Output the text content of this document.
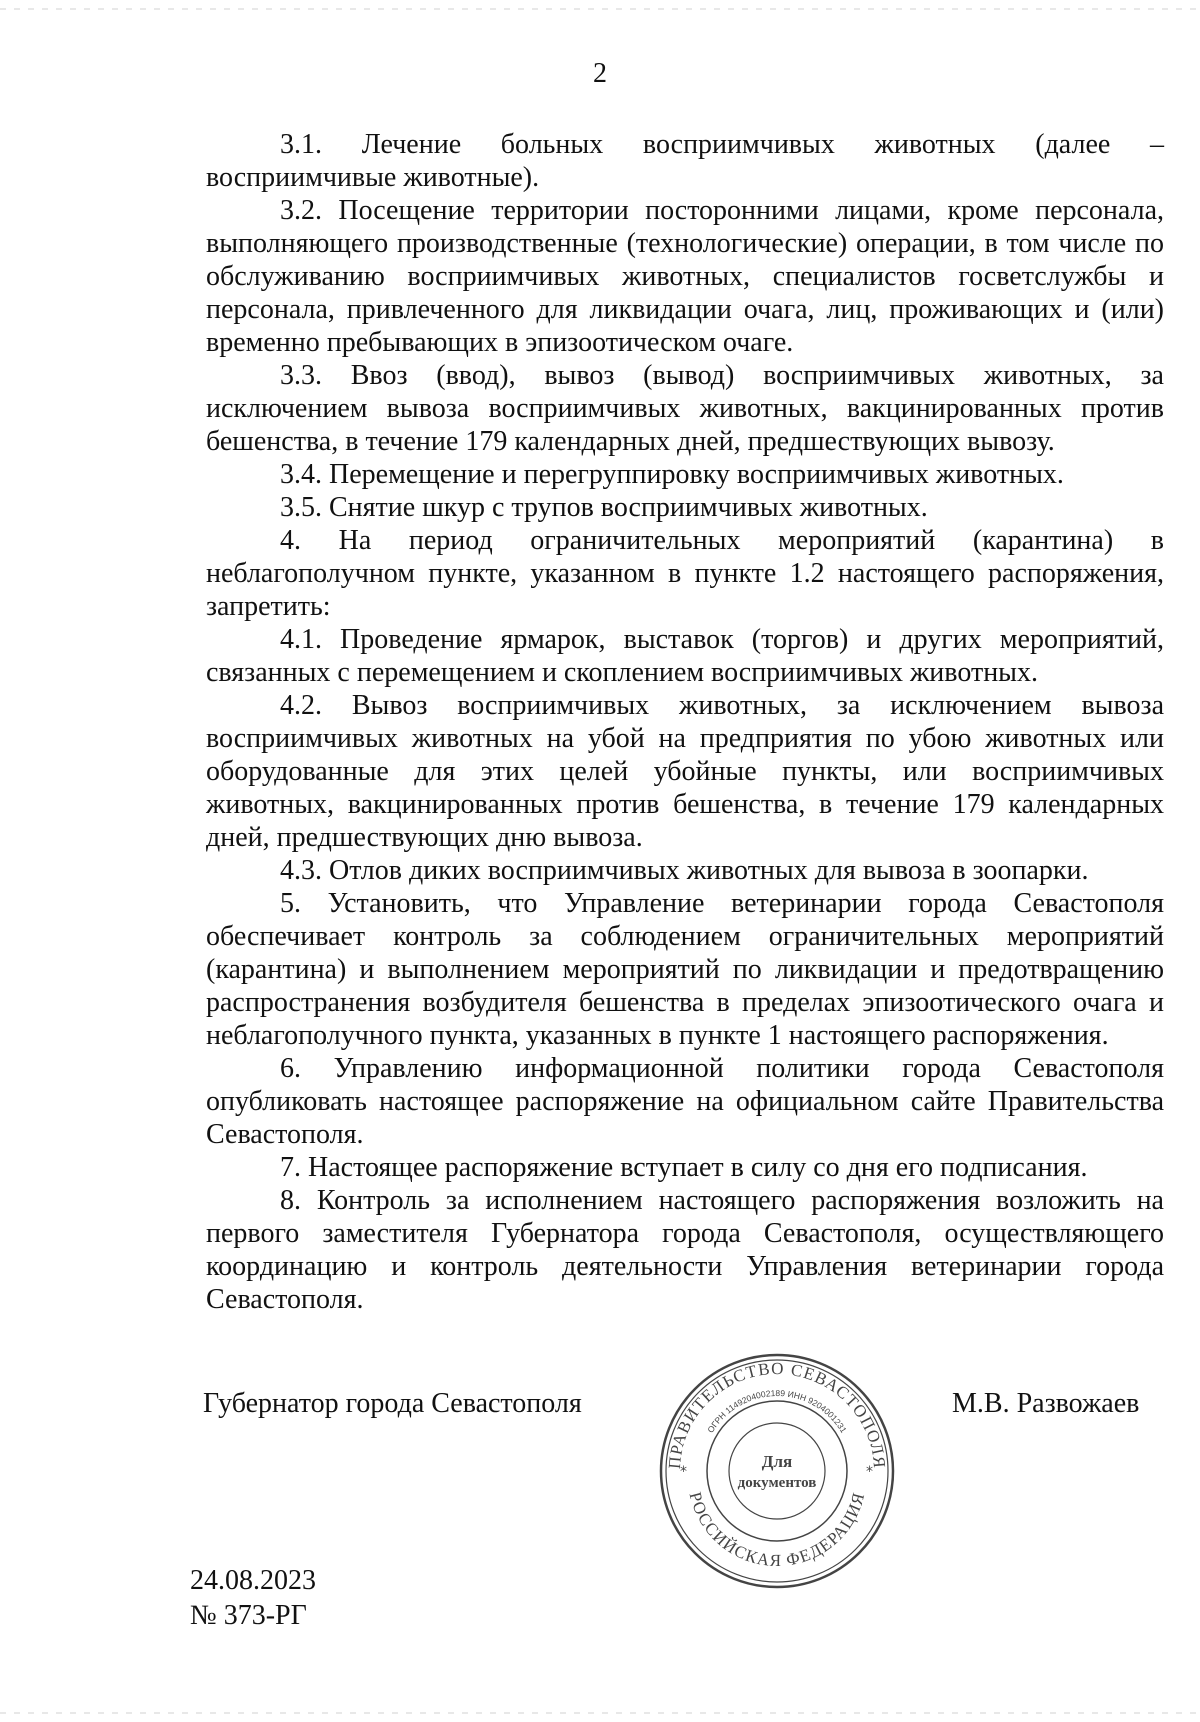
2

3.1. Лечение больных восприимчивых животных (далее – восприимчивые животные).

3.2. Посещение территории посторонними лицами, кроме персонала, выполняющего производственные (технологические) операции, в том числе по обслуживанию восприимчивых животных, специалистов госветслужбы и персонала, привлеченного для ликвидации очага, лиц, проживающих и (или) временно пребывающих в эпизоотическом очаге.

3.3. Ввоз (ввод), вывоз (вывод) восприимчивых животных, за исключением вывоза восприимчивых животных, вакцинированных против бешенства, в течение 179 календарных дней, предшествующих вывозу.

3.4. Перемещение и перегруппировку восприимчивых животных.

3.5. Снятие шкур с трупов восприимчивых животных.

4. На период ограничительных мероприятий (карантина) в неблагополучном пункте, указанном в пункте 1.2 настоящего распоряжения, запретить:

4.1. Проведение ярмарок, выставок (торгов) и других мероприятий, связанных с перемещением и скоплением восприимчивых животных.

4.2. Вывоз восприимчивых животных, за исключением вывоза восприимчивых животных на убой на предприятия по убою животных или оборудованные для этих целей убойные пункты, или восприимчивых животных, вакцинированных против бешенства, в течение 179 календарных дней, предшествующих дню вывоза.

4.3. Отлов диких восприимчивых животных для вывоза в зоопарки.

5. Установить, что Управление ветеринарии города Севастополя обеспечивает контроль за соблюдением ограничительных мероприятий (карантина) и выполнением мероприятий по ликвидации и предотвращению распространения возбудителя бешенства в пределах эпизоотического очага и неблагополучного пункта, указанных в пункте 1 настоящего распоряжения.

6. Управлению информационной политики города Севастополя опубликовать настоящее распоряжение на официальном сайте Правительства Севастополя.

7. Настоящее распоряжение вступает в силу со дня его подписания.

8. Контроль за исполнением настоящего распоряжения возложить на первого заместителя Губернатора города Севастополя, осуществляющего координацию и контроль деятельности Управления ветеринарии города Севастополя.

Губернатор города Севастополя	М.В. Развожаев
ПРАВИТЕЛЬСТВО СЕВАСТОПОЛЯ
РОССИЙСКАЯ ФЕДЕРАЦИЯ
ОГРН 1149204002189 ИНН 9204001231
*	*
Для
документов
24.08.2023
№ 373-РГ
